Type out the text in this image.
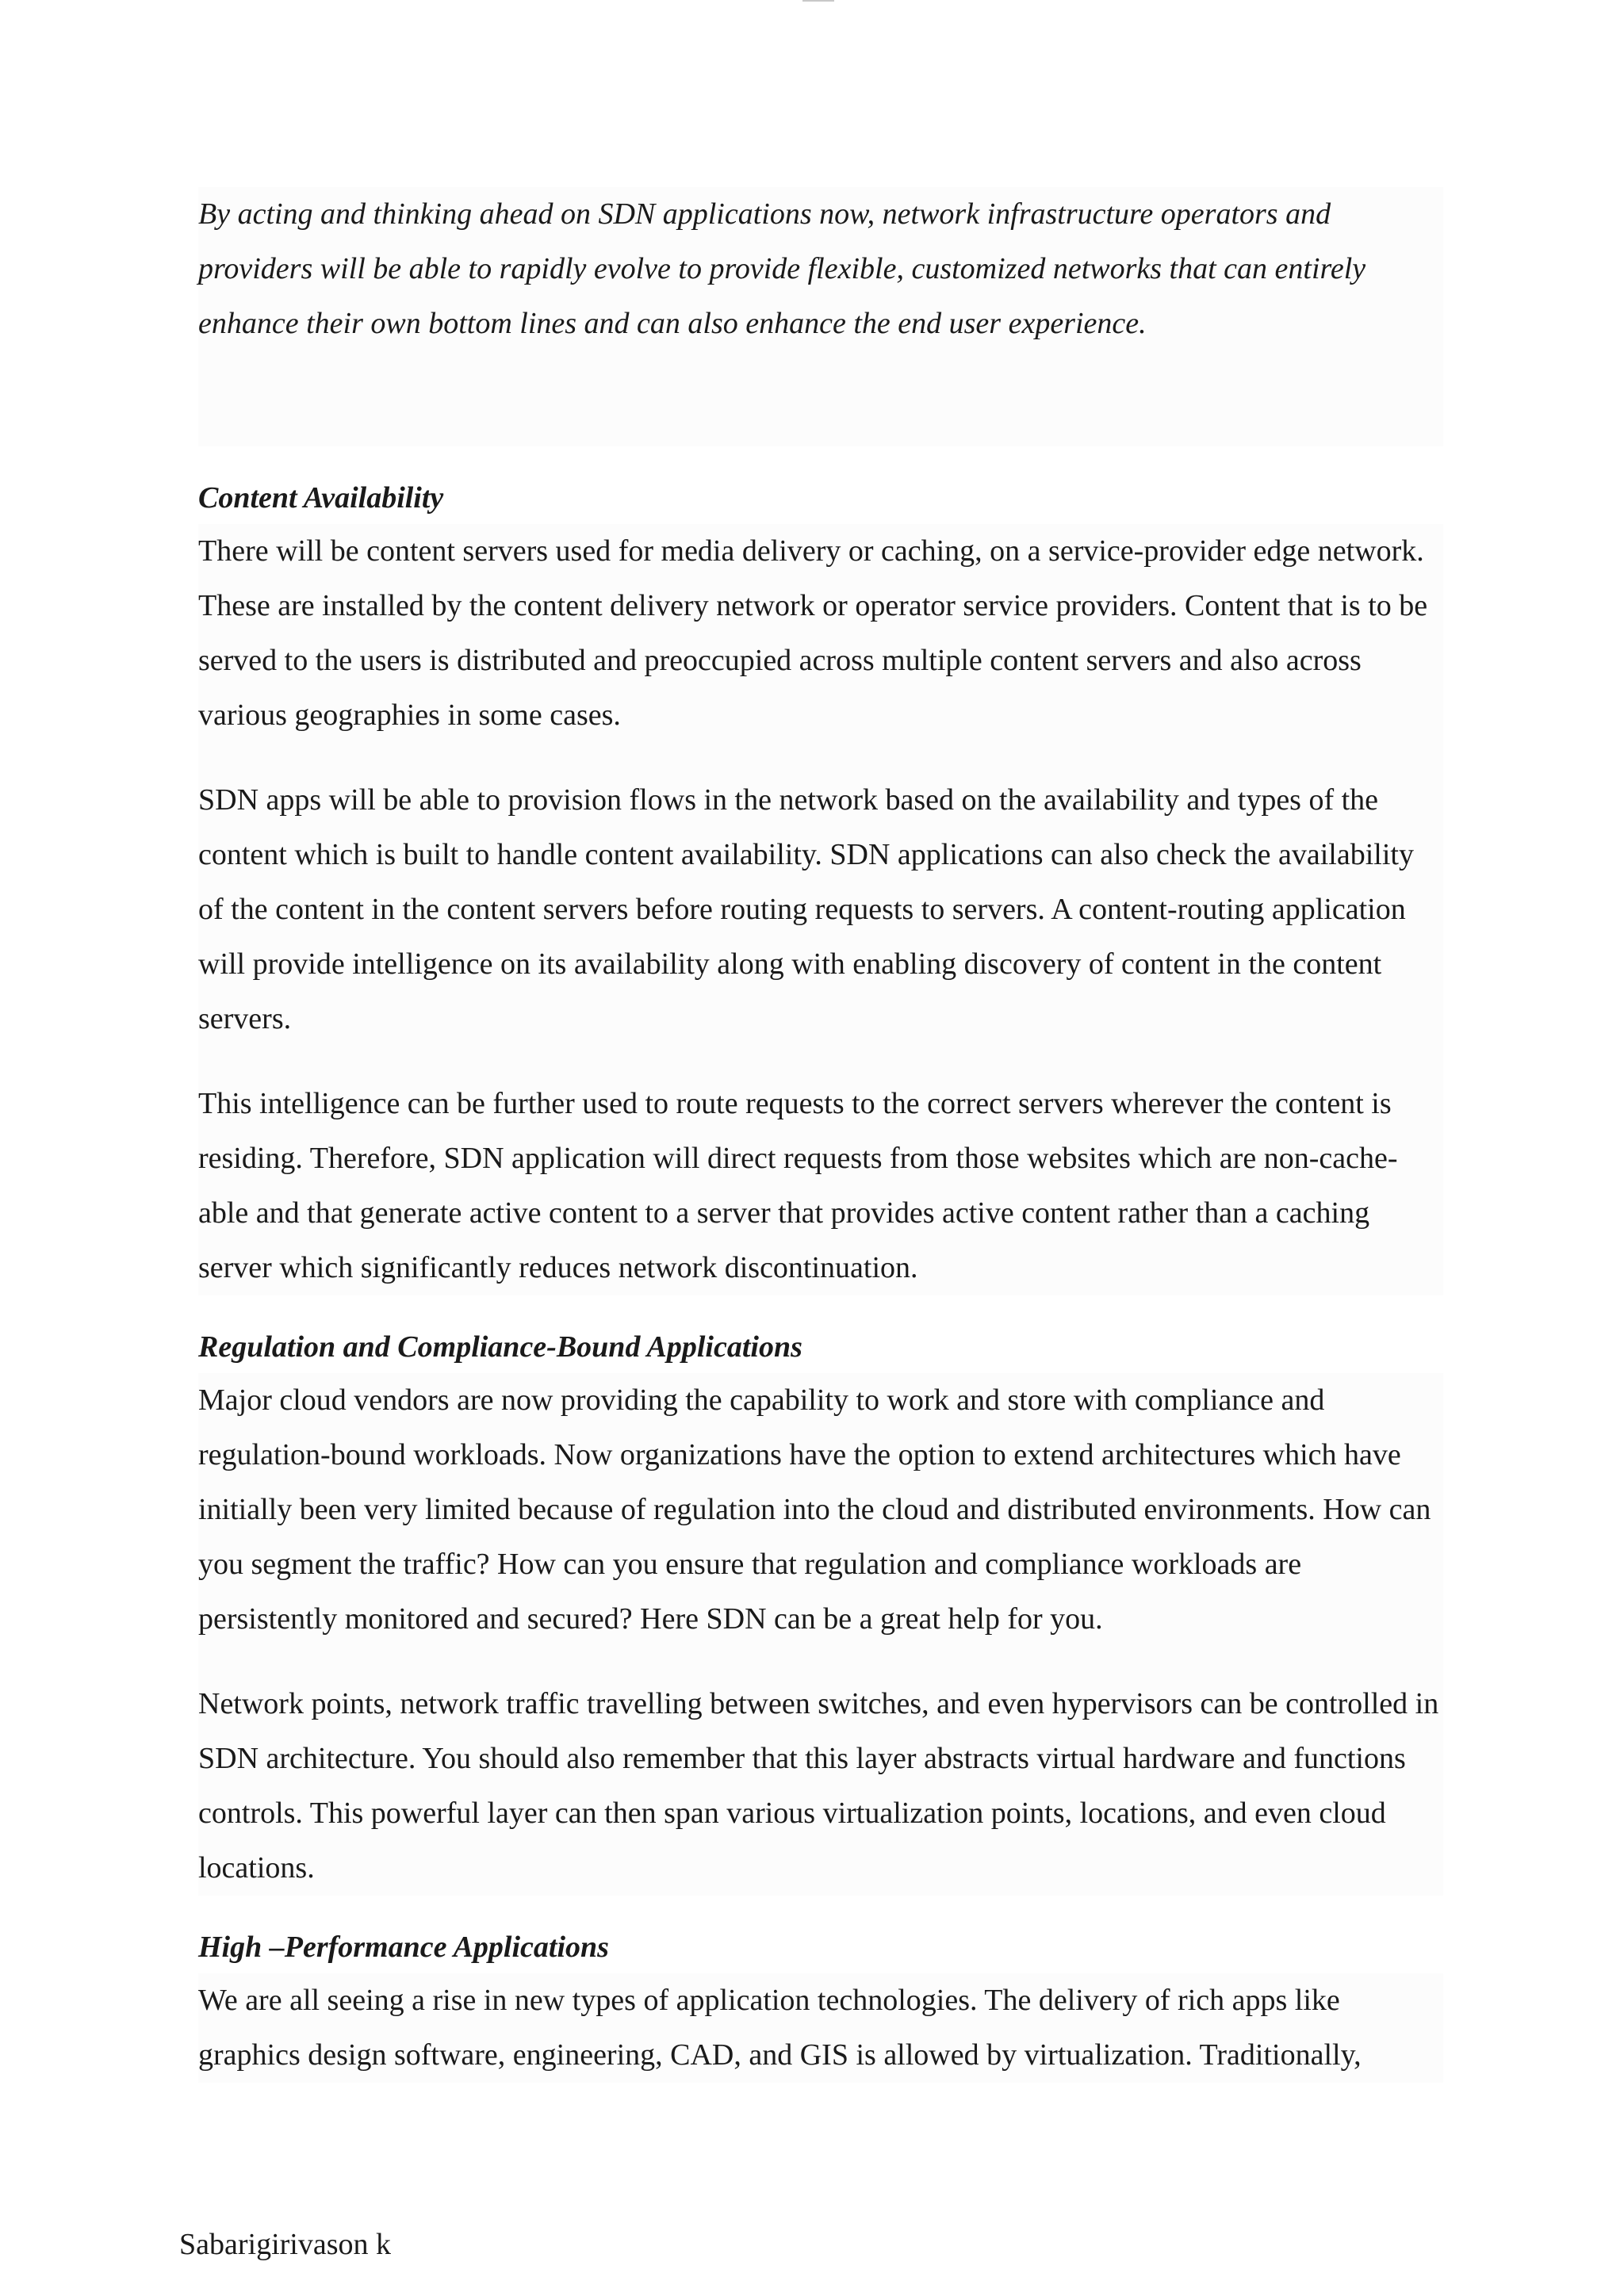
By acting and thinking ahead on SDN applications now, network infrastructure operators and providers will be able to rapidly evolve to provide flexible, customized networks that can entirely enhance their own bottom lines and can also enhance the end user experience.

Content Availability

There will be content servers used for media delivery or caching, on a service-provider edge network. These are installed by the content delivery network or operator service providers. Content that is to be served to the users is distributed and preoccupied across multiple content servers and also across various geographies in some cases.

SDN apps will be able to provision flows in the network based on the availability and types of the content which is built to handle content availability. SDN applications can also check the availability of the content in the content servers before routing requests to servers. A content-routing application will provide intelligence on its availability along with enabling discovery of content in the content servers.

This intelligence can be further used to route requests to the correct servers wherever the content is residing. Therefore, SDN application will direct requests from those websites which are non-cache-able and that generate active content to a server that provides active content rather than a caching server which significantly reduces network discontinuation.

Regulation and Compliance-Bound Applications

Major cloud vendors are now providing the capability to work and store with compliance and regulation-bound workloads. Now organizations have the option to extend architectures which have initially been very limited because of regulation into the cloud and distributed environments. How can you segment the traffic? How can you ensure that regulation and compliance workloads are persistently monitored and secured? Here SDN can be a great help for you.

Network points, network traffic travelling between switches, and even hypervisors can be controlled in SDN architecture. You should also remember that this layer abstracts virtual hardware and functions controls. This powerful layer can then span various virtualization points, locations, and even cloud locations.

High –Performance Applications

We are all seeing a rise in new types of application technologies. The delivery of rich apps like graphics design software, engineering, CAD, and GIS is allowed by virtualization. Traditionally,

Sabarigirivason k
